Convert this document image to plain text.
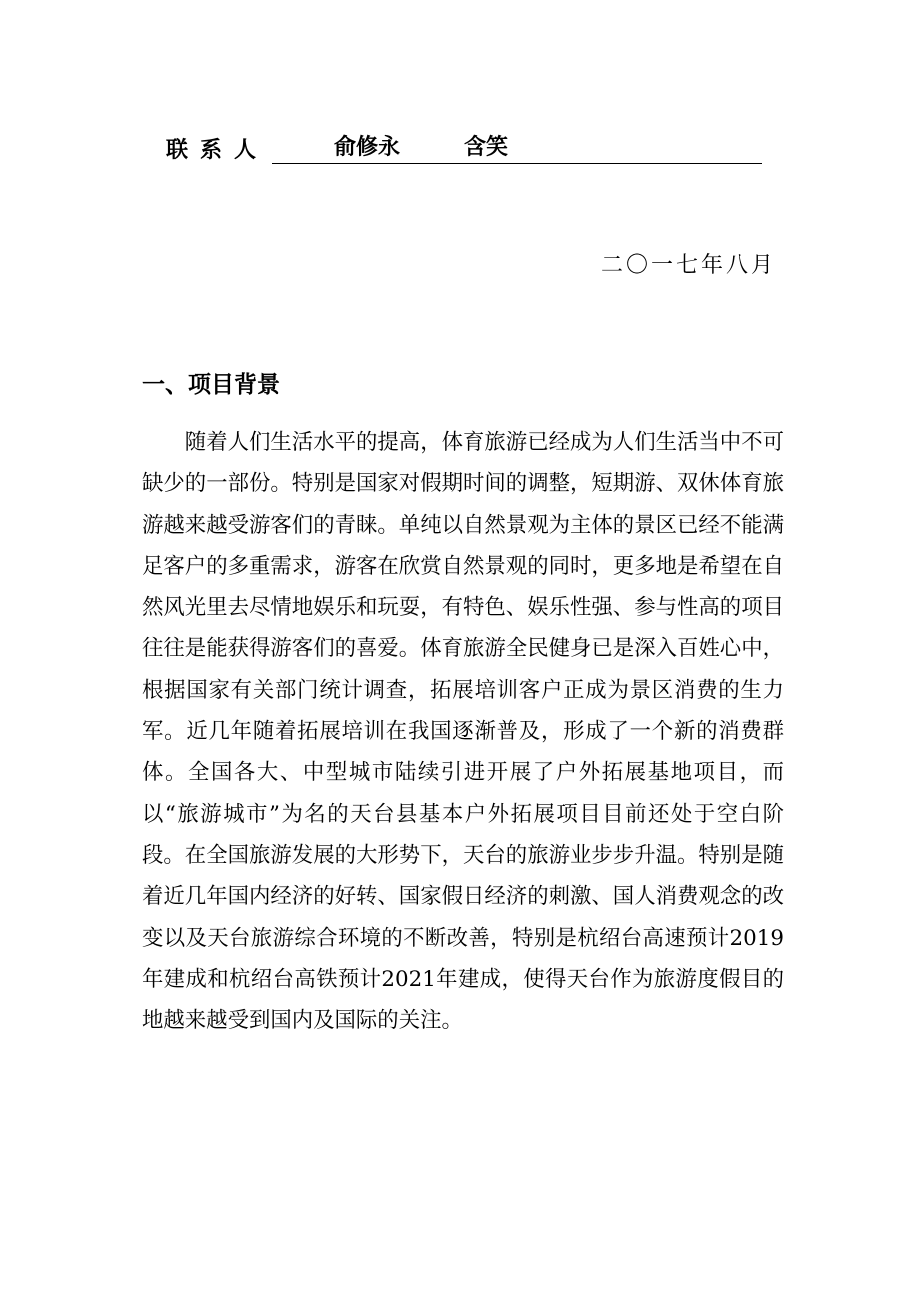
联系人	俞修永	含笑
二〇一七年八月
一、项目背景

随着人们生活水平的提高，体育旅游已经成为人们生活当中不可缺少的一部份。特别是国家对假期时间的调整，短期游、双休体育旅游越来越受游客们的青睐。单纯以自然景观为主体的景区已经不能满足客户的多重需求，游客在欣赏自然景观的同时，更多地是希望在自然风光里去尽情地娱乐和玩耍，有特色、娱乐性强、参与性高的项目往往是能获得游客们的喜爱。体育旅游全民健身已是深入百姓心中，根据国家有关部门统计调查，拓展培训客户正成为景区消费的生力军。近几年随着拓展培训在我国逐渐普及，形成了一个新的消费群体。全国各大、中型城市陆续引进开展了户外拓展基地项目，而以“旅游城市”为名的天台县基本户外拓展项目目前还处于空白阶段。在全国旅游发展的大形势下，天台的旅游业步步升温。特别是随着近几年国内经济的好转、国家假日经济的刺激、国人消费观念的改变以及天台旅游综合环境的不断改善，特别是杭绍台高速预计2019年建成和杭绍台高铁预计2021年建成，使得天台作为旅游度假目的地越来越受到国内及国际的关注。
